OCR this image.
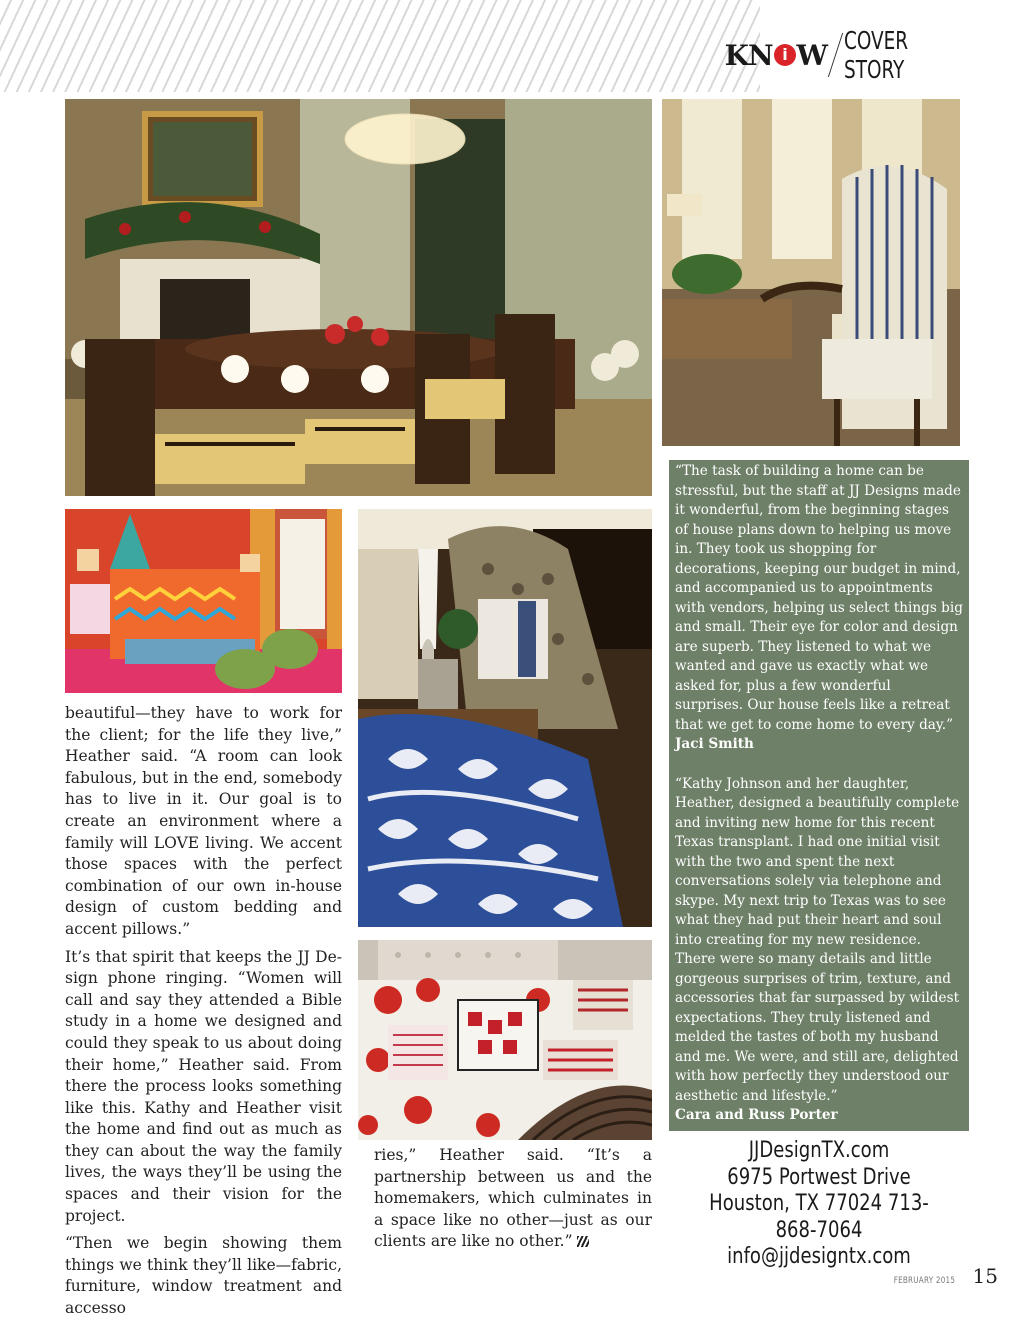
KN i W COVER STORY

beautiful—they have to work for the client; for the life they live,” Heather said. “A room can look fabulous, but in the end, somebody has to live in it. Our goal is to create an environment where a family will LOVE living. We accent those spaces with the perfect combination of our own in-house design of custom bedding and accent pillows.”

It’s that spirit that keeps the JJ Design phone ringing. “Women will call and say they attended a Bible study in a home we designed and could they speak to us about doing their home,” Heather said. From there the process looks something like this. Kathy and Heather visit the home and find out as much as they can about the way the family lives, the ways they’ll be using the spaces and their vision for the project.

“Then we begin showing them things we think they’ll like—fabric, furniture, window treatment and accesso

ries,” Heather said. “It’s a partnership between us and the homemakers, which culminates in a space like no other—just as our clients are like no other.”

“The task of building a home can be stressful, but the staff at JJ Designs made it wonderful, from the beginning stages of house plans down to helping us move in. They took us shopping for decorations, keeping our budget in mind, and accompanied us to appointments with vendors, helping us select things big and small. Their eye for color and design are superb. They listened to what we wanted and gave us exactly what we asked for, plus a few wonderful surprises. Our house feels like a retreat that we get to come home to every day.”

Jaci Smith

“Kathy Johnson and her daughter, Heather, designed a beautifully complete and inviting new home for this recent Texas transplant. I had one initial visit with the two and spent the next conversations solely via telephone and skype. My next trip to Texas was to see what they had put their heart and soul into creating for my new residence. There were so many details and little gorgeous surprises of trim, texture, and accessories that far surpassed by wildest expectations. They truly listened and melded the tastes of both my husband and me. We were, and still are, delighted with how perfectly they understood our aesthetic and lifestyle.”

Cara and Russ Porter

JJDesignTX.com
6975 Portwest Drive
Houston, TX 77024 713-868-7064
info@jjdesigntx.com
FEBRUARY 2015 15
